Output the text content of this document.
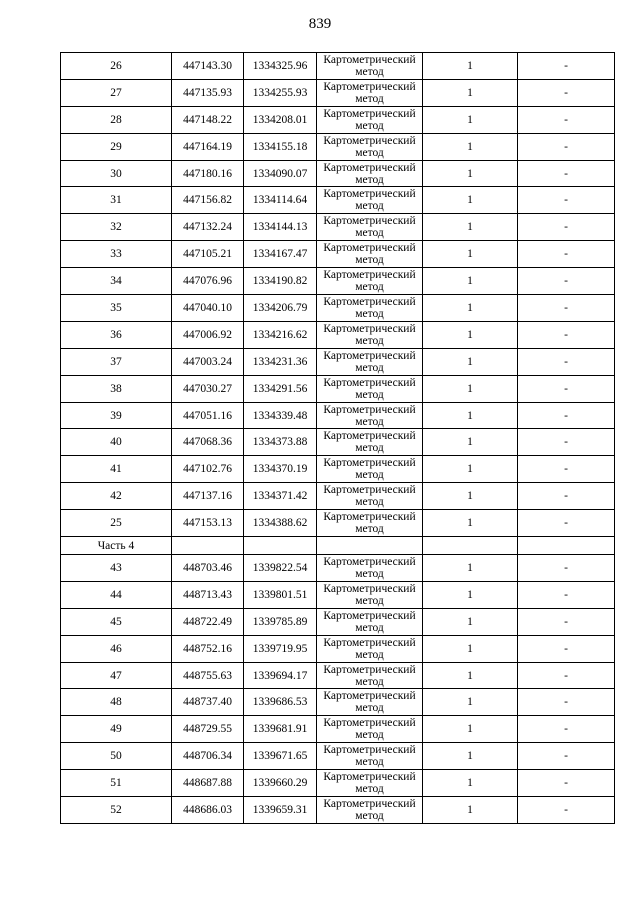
839
26	447143.30	1334325.96	Картометрический
метод	1	-
27	447135.93	1334255.93	Картометрический
метод	1	-
28	447148.22	1334208.01	Картометрический
метод	1	-
29	447164.19	1334155.18	Картометрический
метод	1	-
30	447180.16	1334090.07	Картометрический
метод	1	-
31	447156.82	1334114.64	Картометрический
метод	1	-
32	447132.24	1334144.13	Картометрический
метод	1	-
33	447105.21	1334167.47	Картометрический
метод	1	-
34	447076.96	1334190.82	Картометрический
метод	1	-
35	447040.10	1334206.79	Картометрический
метод	1	-
36	447006.92	1334216.62	Картометрический
метод	1	-
37	447003.24	1334231.36	Картометрический
метод	1	-
38	447030.27	1334291.56	Картометрический
метод	1	-
39	447051.16	1334339.48	Картометрический
метод	1	-
40	447068.36	1334373.88	Картометрический
метод	1	-
41	447102.76	1334370.19	Картометрический
метод	1	-
42	447137.16	1334371.42	Картометрический
метод	1	-
25	447153.13	1334388.62	Картометрический
метод	1	-
Часть 4					
43	448703.46	1339822.54	Картометрический
метод	1	-
44	448713.43	1339801.51	Картометрический
метод	1	-
45	448722.49	1339785.89	Картометрический
метод	1	-
46	448752.16	1339719.95	Картометрический
метод	1	-
47	448755.63	1339694.17	Картометрический
метод	1	-
48	448737.40	1339686.53	Картометрический
метод	1	-
49	448729.55	1339681.91	Картометрический
метод	1	-
50	448706.34	1339671.65	Картометрический
метод	1	-
51	448687.88	1339660.29	Картометрический
метод	1	-
52	448686.03	1339659.31	Картометрический
метод	1	-
